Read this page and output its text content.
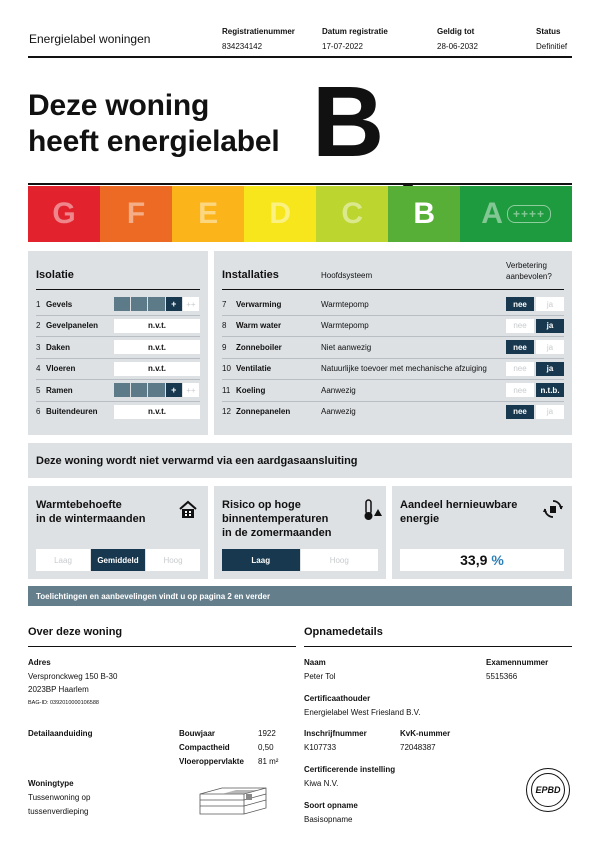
Energielabel woningen
Registratienummer
834234142
Datum registratie
17-07-2022
Geldig tot
28-06-2032
Status
Definitief
Deze woning
heeft energielabel B
G	F	E	D	C	B	A ++++
Isolatie
1 Gevels	+	++
2 Gevelpanelen	n.v.t.
3 Daken	n.v.t.
4 Vloeren	n.v.t.
5 Ramen	+	++
6 Buitendeuren	n.v.t.
Installaties	Hoofdsysteem
Verbetering aanbevolen?
7	Verwarming	Warmtepomp	nee	ja
8	Warm water	Warmtepomp	nee	ja
9	Zonneboiler	Niet aanwezig	nee	ja
10 Ventilatie	Natuurlijke toevoer met mechanische afzuiging	nee	ja
11 Koeling	Aanwezig	nee	n.t.b.
12 Zonnepanelen	Aanwezig	nee	ja
Deze woning wordt niet verwarmd via een aardgasaansluiting
Warmtebehoefte
in de wintermaanden
Laag	Gemiddeld	Hoog
Risico op hoge
binnentemperaturen
in de zomermaanden
Laag	Hoog
Aandeel hernieuwbare
energie
33,9 %
Toelichtingen en aanbevelingen vindt u op pagina 2 en verder
Over deze woning
Adres
Verspronckweg 150 B-30
2023BP Haarlem
BAG-ID: 0392010000106588
Detailaanduiding	Bouwjaar	1922
Compactheid	0,50
Vloeroppervlakte 81 m²
Woningtype
Tussenwoning op
tussenverdieping
Opnamedetails
Naam
Peter Tol
Examennummer
5515366
Certificaathouder
Energielabel West Friesland B.V.
Inschrijfnummer
K107733
KvK-nummer
72048387
Certificerende instelling
Kiwa N.V.
Soort opname
Basisopname
EPBD
